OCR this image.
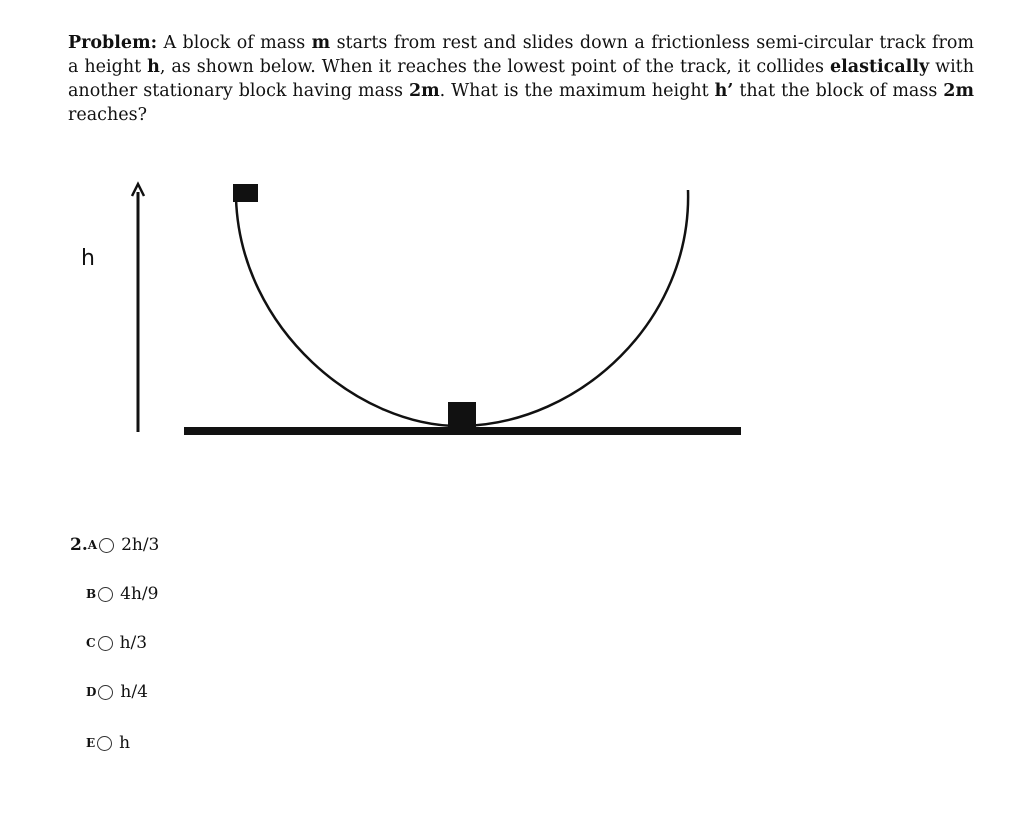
Problem: A block of mass m starts from rest and slides down a frictionless semi-circular track from a height h, as shown below. When it reaches the lowest point of the track, it collides elastically with another stationary block having mass 2m. What is the maximum height h’ that the block of mass 2m reaches?

h
2. A 2h/3
B 4h/9
C h/3
D h/4
E h
